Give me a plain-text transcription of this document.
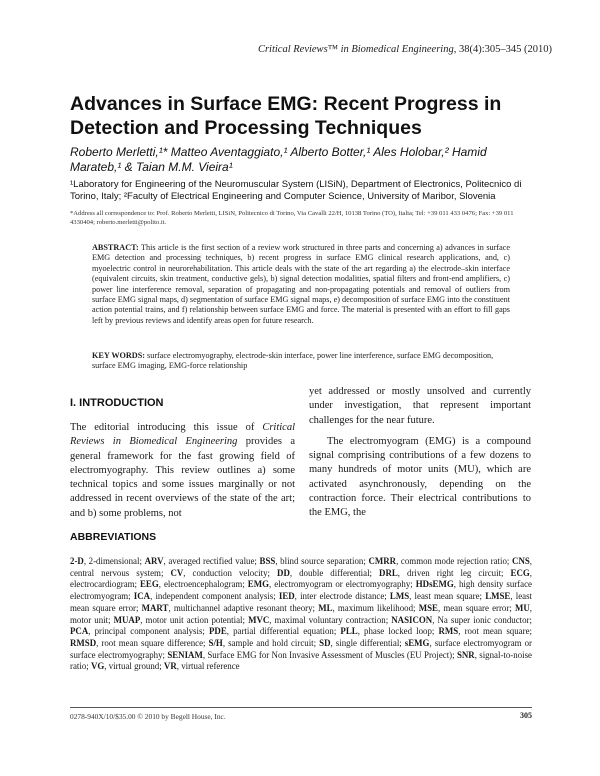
Critical Reviews™ in Biomedical Engineering, 38(4):305–345 (2010)
Advances in Surface EMG: Recent Progress in Detection and Processing Techniques
Roberto Merletti,¹* Matteo Aventaggiato,¹ Alberto Botter,¹ Ales Holobar,² Hamid Marateb,¹ & Taian M.M. Vieira¹
¹Laboratory for Engineering of the Neuromuscular System (LISiN), Department of Electronics, Politecnico di Torino, Italy; ²Faculty of Electrical Engineering and Computer Science, University of Maribor, Slovenia
*Address all correspondence to: Prof. Roberto Merletti, LISiN, Politecnico di Torino, Via Cavalli 22/H, 10138 Torino (TO), Italia; Tel: +39 011 433 0476; Fax: +39 011 4330404; roberto.merletti@polito.it.
ABSTRACT: This article is the first section of a review work structured in three parts and concerning a) advances in surface EMG detection and processing techniques, b) recent progress in surface EMG clinical research applications, and, c) myoelectric control in neurorehabilitation. This article deals with the state of the art regarding a) the electrode–skin interface (equivalent circuits, skin treatment, conductive gels), b) signal detection modalities, spatial filters and front-end amplifiers, c) power line interference removal, separation of propagating and non-propagating potentials and removal of outliers from surface EMG signal maps, d) segmentation of surface EMG signal maps, e) decomposition of surface EMG into the constituent action potential trains, and f) relationship between surface EMG and force. The material is presented with an effort to fill gaps left by previous reviews and identify areas open for future research.
KEY WORDS: surface electromyography, electrode-skin interface, power line interference, surface EMG decomposition, surface EMG imaging, EMG-force relationship
I. INTRODUCTION

The editorial introducing this issue of Critical Reviews in Biomedical Engineering provides a general framework for the fast growing field of electromyography. This review outlines a) some technical topics and some issues marginally or not addressed in recent overviews of the state of the art; and b) some problems, not

yet addressed or mostly unsolved and currently under investigation, that represent important challenges for the near future.

The electromyogram (EMG) is a compound signal comprising contributions of a few dozens to many hundreds of motor units (MU), which are activated asynchronously, depending on the contraction force. Their electrical contributions to the EMG, the

ABBREVIATIONS
2-D, 2-dimensional; ARV, averaged rectified value; BSS, blind source separation; CMRR, common mode rejection ratio; CNS, central nervous system; CV, conduction velocity; DD, double differential; DRL, driven right leg circuit; ECG, electrocardiogram; EEG, electroencephalogram; EMG, electromyogram or electromyography; HDsEMG, high density surface electromyogram; ICA, independent component analysis; IED, inter electrode distance; LMS, least mean square; LMSE, least mean square error; MART, multichannel adaptive resonant theory; ML, maximum likelihood; MSE, mean square error; MU, motor unit; MUAP, motor unit action potential; MVC, maximal voluntary contraction; NASICON, Na super ionic conductor; PCA, principal component analysis; PDE, partial differential equation; PLL, phase locked loop; RMS, root mean square; RMSD, root mean square difference; S/H, sample and hold circuit; SD, single differential; sEMG, surface electromyogram or surface electromyography; SENIAM, Surface EMG for Non Invasive Assessment of Muscles (EU Project); SNR, signal-to-noise ratio; VG, virtual ground; VR, virtual reference
0278-940X/10/$35.00 © 2010 by Begell House, Inc.	305
